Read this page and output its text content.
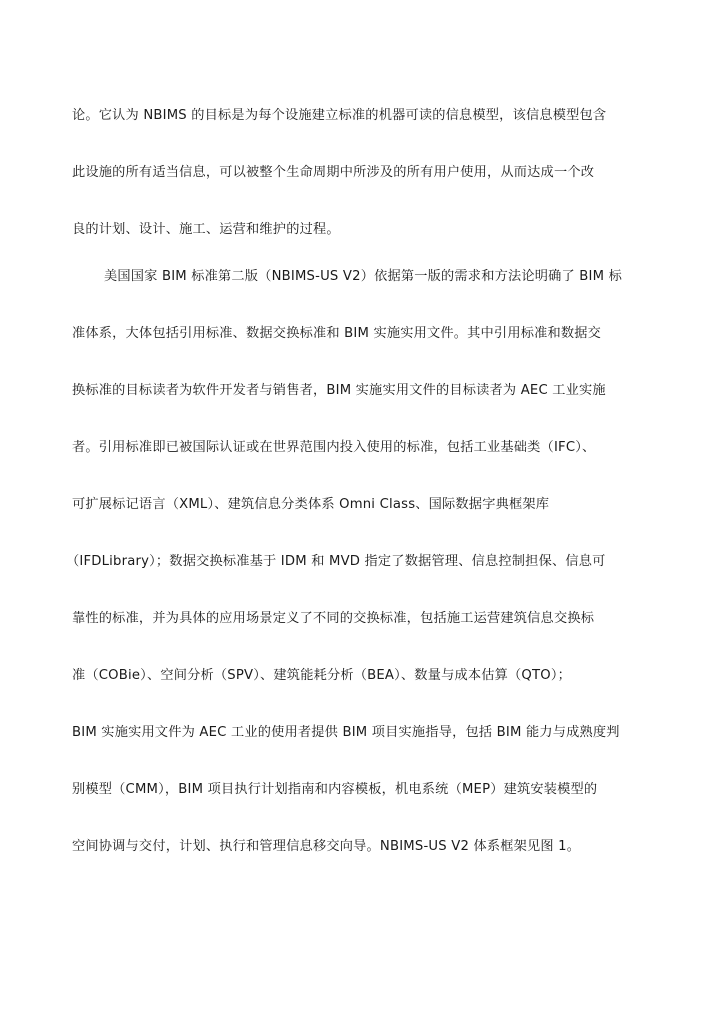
论。它认为 NBIMS 的目标是为每个设施建立标准的机器可读的信息模型，该信息模型包含
此设施的所有适当信息，可以被整个生命周期中所涉及的所有用户使用，从而达成一个改
良的计划、设计、施工、运营和维护的过程。
美国国家 BIM 标准第二版（NBIMS-US V2）依据第一版的需求和方法论明确了 BIM 标
准体系，大体包括引用标准、数据交换标准和 BIM 实施实用文件。其中引用标准和数据交
换标准的目标读者为软件开发者与销售者，BIM 实施实用文件的目标读者为 AEC 工业实施
者。引用标准即已被国际认证或在世界范围内投入使用的标准，包括工业基础类（IFC）、
可扩展标记语言（XML）、建筑信息分类体系 Omni Class、国际数据字典框架库
（IFDLibrary）；数据交换标准基于 IDM 和 MVD 指定了数据管理、信息控制担保、信息可
靠性的标准，并为具体的应用场景定义了不同的交换标准，包括施工运营建筑信息交换标
准（COBie）、空间分析（SPV）、建筑能耗分析（BEA）、数量与成本估算（QTO）；
BIM 实施实用文件为 AEC 工业的使用者提供 BIM 项目实施指导，包括 BIM 能力与成熟度判
别模型（CMM），BIM 项目执行计划指南和内容模板，机电系统（MEP）建筑安装模型的
空间协调与交付，计划、执行和管理信息移交向导。NBIMS-US V2 体系框架见图 1。
